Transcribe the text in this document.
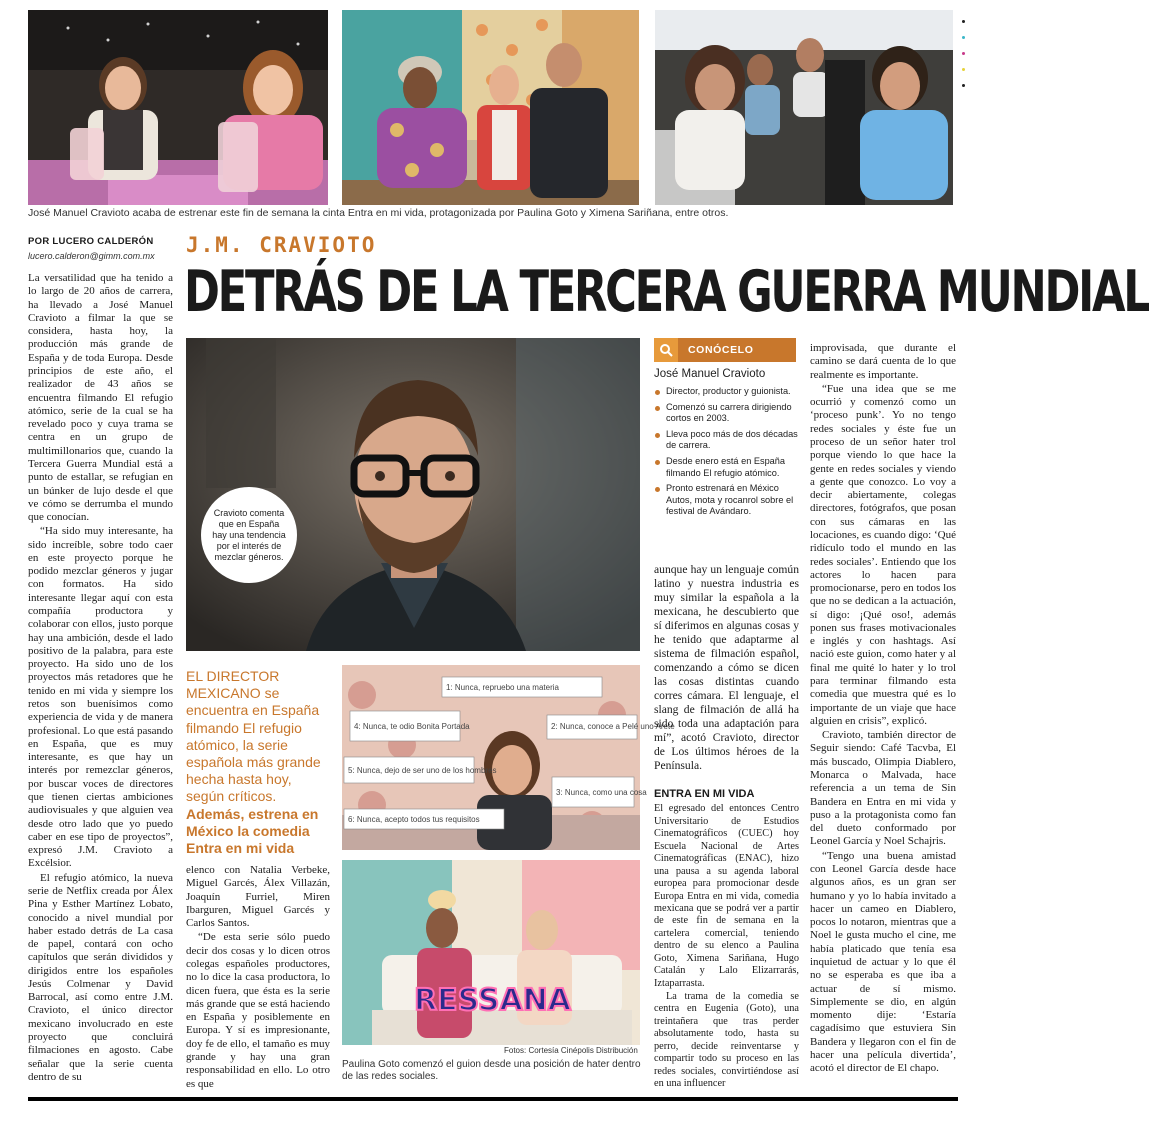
José Manuel Cravioto acaba de estrenar este fin de semana la cinta Entra en mi vida, protagonizada por Paulina Goto y Ximena Sariñana, entre otros.
POR LUCERO CALDERÓN
lucero.calderon@gimm.com.mx J.M. CRAVIOTO
DETRÁS DE LA TERCERA GUERRA MUNDIAL
Cravioto comenta que en España hay una tendencia por el interés de mezclar géneros.
CONÓCELO
José Manuel Cravioto
Director, productor y guionista.
Comenzó su carrera dirigiendo cortos en 2003.
Lleva poco más de dos décadas de carrera.
Desde enero está en España filmando El refugio atómico.
Pronto estrenará en México Autos, mota y rocanrol sobre el festival de Avándaro.

La versatilidad que ha tenido a lo largo de 20 años de carrera, ha llevado a José Manuel Cravioto a filmar la que se considera, hasta hoy, la producción más grande de España y de toda Europa. Desde principios de este año, el realizador de 43 años se encuentra filmando El refugio atómico, serie de la cual se ha revelado poco y cuya trama se centra en un grupo de multimillonarios que, cuando la Tercera Guerra Mundial está a punto de estallar, se refugian en un búnker de lujo desde el que ve cómo se derrumba el mundo que conocían.

“Ha sido muy interesante, ha sido increíble, sobre todo caer en este proyecto porque he podido mezclar géneros y jugar con formatos. Ha sido interesante llegar aquí con esta compañía productora y colaborar con ellos, justo porque hay una ambición, desde el lado positivo de la palabra, para este proyecto. Ha sido uno de los proyectos más retadores que he tenido en mi vida y siempre los retos son buenísimos como experiencia de vida y de manera profesional. Lo que está pasando en España, que es muy interesante, es que hay un interés por remezclar géneros, por buscar voces de directores que tienen ciertas ambiciones audiovisuales y que alguien vea desde otro lado que yo puedo caber en ese tipo de proyectos”, expresó J.M. Cravioto a Excélsior.

El refugio atómico, la nueva serie de Netflix creada por Álex Pina y Esther Martínez Lobato, conocido a nivel mundial por haber estado detrás de La casa de papel, contará con ocho capítulos que serán divididos y dirigidos entre los españoles Jesús Colmenar y David Barrocal, así como entre J.M. Cravioto, el único director mexicano involucrado en este proyecto que concluirá filmaciones en agosto. Cabe señalar que la serie cuenta dentro de su

EL DIRECTOR MEXICANO se encuentra en España filmando El refugio atómico, la serie española más grande hecha hasta hoy, según críticos. Además, estrena en México la comedia Entra en mi vida
1: Nunca, repruebo una materia
2: Nunca, conoce a Pelé uno Arete
3: Nunca, como una cosa
4: Nunca, te odio Bonita Portada
5: Nunca, dejo de ser uno de los hombres
6: Nunca, acepto todos tus requisitos
RESSANA
Fotos: Cortesía Cinépolis Distribución
Paulina Goto comenzó el guion desde una posición de hater dentro de las redes sociales.

elenco con Natalia Verbeke, Miguel Garcés, Álex Villazán, Joaquín Furriel, Miren Ibarguren, Miguel Garcés y Carlos Santos.

“De esta serie sólo puedo decir dos cosas y lo dicen otros colegas españoles productores, no lo dice la casa productora, lo dicen fuera, que ésta es la serie más grande que se está haciendo en España y posiblemente en Europa. Y sí es impresionante, doy fe de ello, el tamaño es muy grande y hay una gran responsabilidad en ello. Lo otro es que

aunque hay un lenguaje común latino y nuestra industria es muy similar la española a la mexicana, he descubierto que sí diferimos en algunas cosas y he tenido que adaptarme al sistema de filmación español, comenzando a cómo se dicen las cosas distintas cuando corres cámara. El lenguaje, el slang de filmación de allá ha sido toda una adaptación para mí”, acotó Cravioto, director de Los últimos héroes de la Península.

ENTRA EN MI VIDA

El egresado del entonces Centro Universitario de Estudios Cinematográficos (CUEC) hoy Escuela Nacional de Artes Cinematográficas (ENAC), hizo una pausa a su agenda laboral europea para promocionar desde Europa Entra en mi vida, comedia mexicana que se podrá ver a partir de este fin de semana en la cartelera comercial, teniendo dentro de su elenco a Paulina Goto, Ximena Sariñana, Hugo Catalán y Lalo Elizarrarás, Iztaparrasta.

La trama de la comedia se centra en Eugenia (Goto), una treintañera que tras perder absolutamente todo, hasta su perro, decide reinventarse y compartir todo su proceso en las redes sociales, convirtiéndose así en una influencer

improvisada, que durante el camino se dará cuenta de lo que realmente es importante.

“Fue una idea que se me ocurrió y comenzó como un ‘proceso punk’. Yo no tengo redes sociales y éste fue un proceso de un señor hater trol porque viendo lo que hace la gente en redes sociales y viendo a gente que conozco. Lo voy a decir abiertamente, colegas directores, fotógrafos, que posan con sus cámaras en las locaciones, es cuando digo: ‘Qué ridículo todo el mundo en las redes sociales’. Entiendo que los actores lo hacen para promocionarse, pero en todos los que no se dedican a la actuación, sí digo: ¡Qué oso!, además ponen sus frases motivacionales e inglés y con hashtags. Así nació este guion, como hater y al final me quité lo hater y lo trol para terminar filmando esta comedia que muestra qué es lo importante de un viaje que hace alguien en crisis”, explicó.

Cravioto, también director de Seguir siendo: Café Tacvba, El más buscado, Olimpia Diablero, Monarca o Malvada, hace referencia a un tema de Sin Bandera en Entra en mi vida y puso a la protagonista como fan del dueto conformado por Leonel García y Noel Schajris.

“Tengo una buena amistad con Leonel García desde hace algunos años, es un gran ser humano y yo lo había invitado a hacer un cameo en Diablero, pocos lo notaron, mientras que a Noel le gusta mucho el cine, me había platicado que tenía esa inquietud de actuar y lo que él no se esperaba es que iba a actuar de sí mismo. Simplemente se dio, en algún momento dije: ‘Estaría cagadísimo que estuviera Sin Bandera y llegaron con el fin de hacer una película divertida’, acotó el director de El chapo.
